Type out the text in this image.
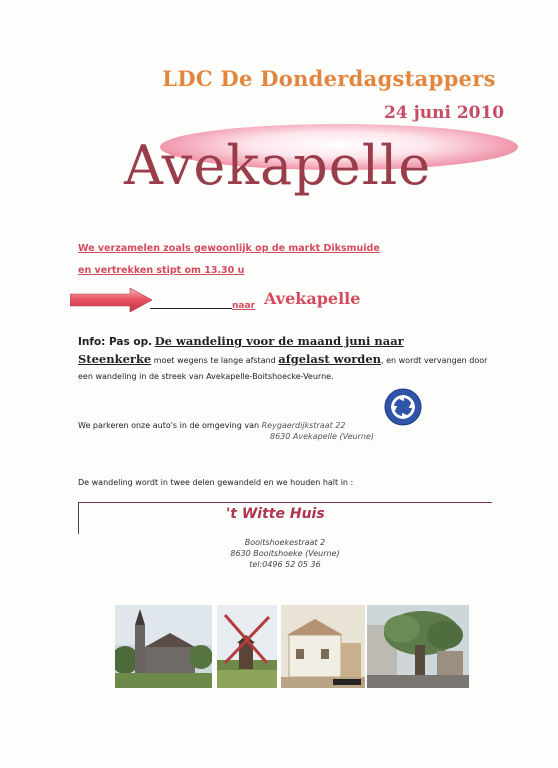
LDC De Donderdagstappers
24 juni 2010
Avekapelle
We verzamelen zoals gewoonlijk op de markt Diksmuide
en vertrekken stipt om 13.30 u
naar Avekapelle
Info: Pas op. De wandeling voor de maand juni naar
Steenkerke moet wegens te lange afstand afgelast worden, en wordt vervangen door een wandeling in de streek van Avekapelle-Boitshoecke-Veurne.
We parkeren onze auto's in de omgeving van Reygaerdijkstraat 22
8630 Avekapelle (Veurne)
De wandeling wordt in twee delen gewandeld en we houden halt in :
't Witte Huis
Booitshoekestraat 2
8630 Booitshoeke (Veurne)
tel:0496 52 05 36
